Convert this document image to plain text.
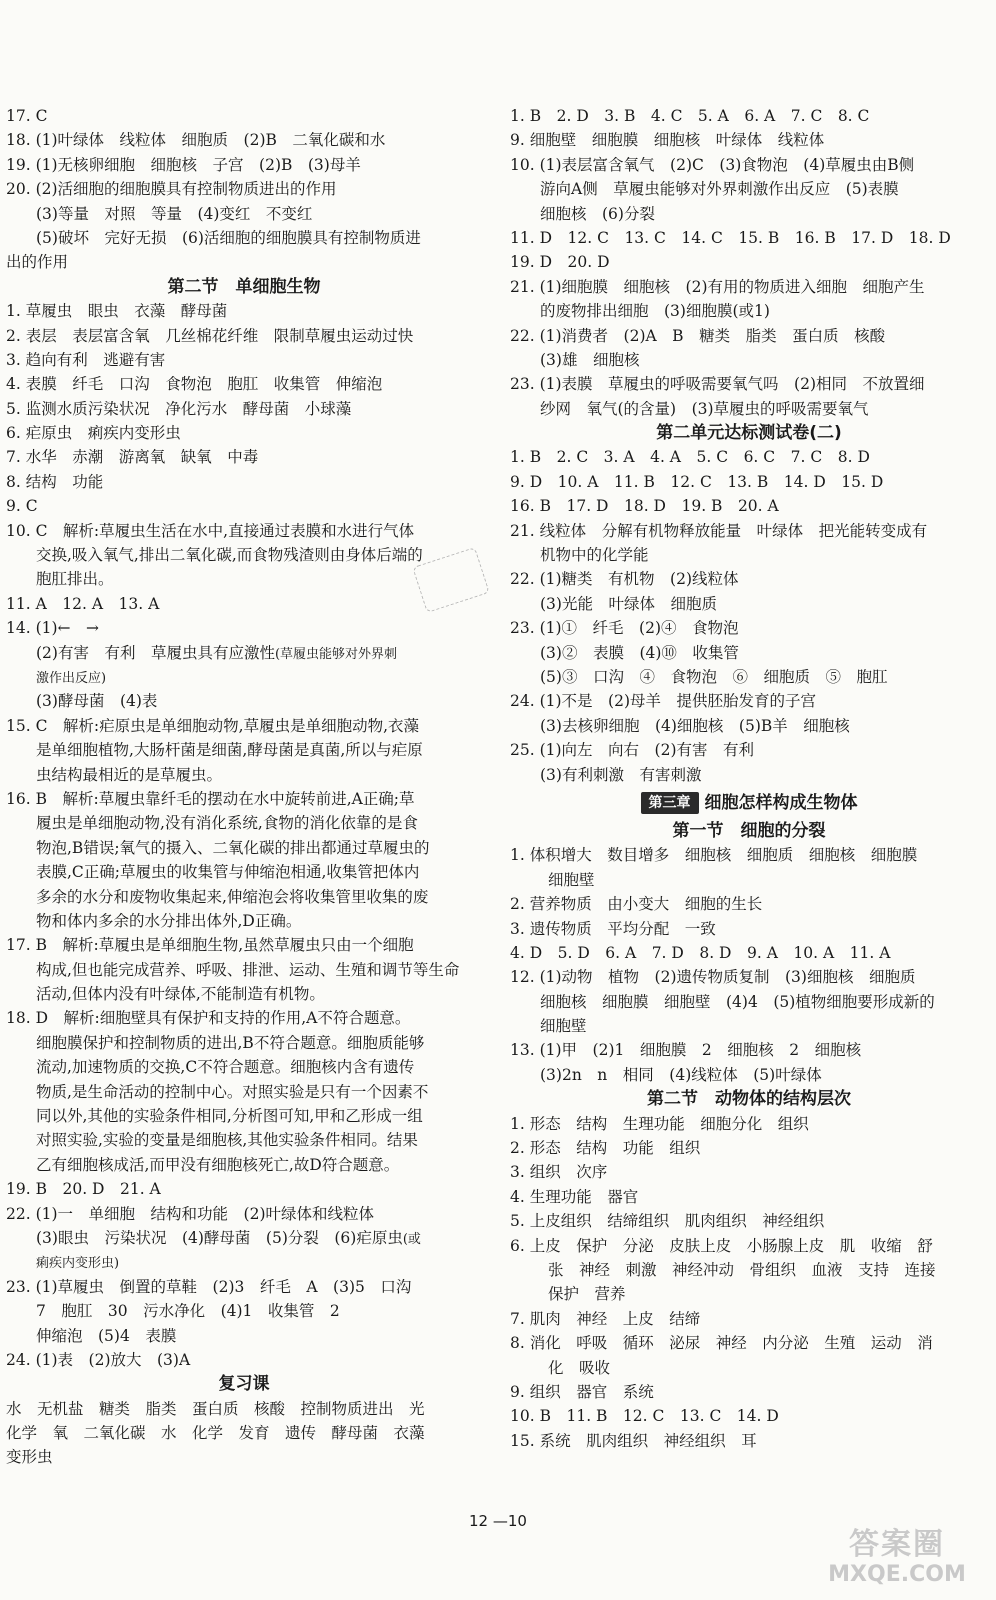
17. C
18. (1)叶绿体　线粒体　细胞质　(2)B　二氧化碳和水
19. (1)无核卵细胞　细胞核　子宫　(2)B　(3)母羊
20. (2)活细胞的细胞膜具有控制物质进出的作用
(3)等量　对照　等量　(4)变红　不变红
(5)破坏　完好无损　(6)活细胞的细胞膜具有控制物质进
出的作用
第二节　单细胞生物
1. 草履虫　眼虫　衣藻　酵母菌
2. 表层　表层富含氧　几丝棉花纤维　限制草履虫运动过快
3. 趋向有利　逃避有害
4. 表膜　纤毛　口沟　食物泡　胞肛　收集管　伸缩泡
5. 监测水质污染状况　净化污水　酵母菌　小球藻
6. 疟原虫　痢疾内变形虫
7. 水华　赤潮　游离氧　缺氧　中毒
8. 结构　功能
9. C
10. C　解析:草履虫生活在水中,直接通过表膜和水进行气体
交换,吸入氧气,排出二氧化碳,而食物残渣则由身体后端的
胞肛排出。
11. A　12. A　13. A
14. (1)←　→
(2)有害　有利　草履虫具有应激性(草履虫能够对外界刺
激作出反应)
(3)酵母菌　(4)表
15. C　解析:疟原虫是单细胞动物,草履虫是单细胞动物,衣藻
是单细胞植物,大肠杆菌是细菌,酵母菌是真菌,所以与疟原
虫结构最相近的是草履虫。
16. B　解析:草履虫靠纤毛的摆动在水中旋转前进,A正确;草
履虫是单细胞动物,没有消化系统,食物的消化依靠的是食
物泡,B错误;氧气的摄入、二氧化碳的排出都通过草履虫的
表膜,C正确;草履虫的收集管与伸缩泡相通,收集管把体内
多余的水分和废物收集起来,伸缩泡会将收集管里收集的废
物和体内多余的水分排出体外,D正确。
17. B　解析:草履虫是单细胞生物,虽然草履虫只由一个细胞
构成,但也能完成营养、呼吸、排泄、运动、生殖和调节等生命
活动,但体内没有叶绿体,不能制造有机物。
18. D　解析:细胞壁具有保护和支持的作用,A不符合题意。
细胞膜保护和控制物质的进出,B不符合题意。细胞质能够
流动,加速物质的交换,C不符合题意。细胞核内含有遗传
物质,是生命活动的控制中心。对照实验是只有一个因素不
同以外,其他的实验条件相同,分析图可知,甲和乙形成一组
对照实验,实验的变量是细胞核,其他实验条件相同。结果
乙有细胞核成活,而甲没有细胞核死亡,故D符合题意。
19. B　20. D　21. A
22. (1)一　单细胞　结构和功能　(2)叶绿体和线粒体
(3)眼虫　污染状况　(4)酵母菌　(5)分裂　(6)疟原虫(或
痢疾内变形虫)
23. (1)草履虫　倒置的草鞋　(2)3　纤毛　A　(3)5　口沟
7　胞肛　30　污水净化　(4)1　收集管　2
伸缩泡　(5)4　表膜
24. (1)表　(2)放大　(3)A
复习课
水　无机盐　糖类　脂类　蛋白质　核酸　控制物质进出　光
化学　氧　二氧化碳　水　化学　发育　遗传　酵母菌　衣藻
变形虫
1. B　2. D　3. B　4. C　5. A　6. A　7. C　8. C
9. 细胞壁　细胞膜　细胞核　叶绿体　线粒体
10. (1)表层富含氧气　(2)C　(3)食物泡　(4)草履虫由B侧
游向A侧　草履虫能够对外界刺激作出反应　(5)表膜
细胞核　(6)分裂
11. D　12. C　13. C　14. C　15. B　16. B　17. D　18. D
19. D　20. D
21. (1)细胞膜　细胞核　(2)有用的物质进入细胞　细胞产生
的废物排出细胞　(3)细胞膜(或1)
22. (1)消费者　(2)A　B　糖类　脂类　蛋白质　核酸
(3)雄　细胞核
23. (1)表膜　草履虫的呼吸需要氧气吗　(2)相同　不放置细
纱网　氧气(的含量)　(3)草履虫的呼吸需要氧气
第二单元达标测试卷(二)
1. B　2. C　3. A　4. A　5. C　6. C　7. C　8. D
9. D　10. A　11. B　12. C　13. B　14. D　15. D
16. B　17. D　18. D　19. B　20. A
21. 线粒体　分解有机物释放能量　叶绿体　把光能转变成有
机物中的化学能
22. (1)糖类　有机物　(2)线粒体
(3)光能　叶绿体　细胞质
23. (1)①　纤毛　(2)④　食物泡
(3)②　表膜　(4)⑩　收集管
(5)③　口沟　④　食物泡　⑥　细胞质　⑤　胞肛
24. (1)不是　(2)母羊　提供胚胎发育的子宫
(3)去核卵细胞　(4)细胞核　(5)B羊　细胞核
25. (1)向左　向右　(2)有害　有利
(3)有利刺激　有害刺激
第三章 细胞怎样构成生物体
第一节　细胞的分裂
1. 体积增大　数目增多　细胞核　细胞质　细胞核　细胞膜
细胞壁
2. 营养物质　由小变大　细胞的生长
3. 遗传物质　平均分配　一致
4. D　5. D　6. A　7. D　8. D　9. A　10. A　11. A
12. (1)动物　植物　(2)遗传物质复制　(3)细胞核　细胞质
细胞核　细胞膜　细胞壁　(4)4　(5)植物细胞要形成新的
细胞壁
13. (1)甲　(2)1　细胞膜　2　细胞核　2　细胞核
(3)2n　n　相同　(4)线粒体　(5)叶绿体
第二节　动物体的结构层次
1. 形态　结构　生理功能　细胞分化　组织
2. 形态　结构　功能　组织
3. 组织　次序
4. 生理功能　器官
5. 上皮组织　结缔组织　肌肉组织　神经组织
6. 上皮　保护　分泌　皮肤上皮　小肠腺上皮　肌　收缩　舒
张　神经　刺激　神经冲动　骨组织　血液　支持　连接
保护　营养
7. 肌肉　神经　上皮　结缔
8. 消化　呼吸　循环　泌尿　神经　内分泌　生殖　运动　消
化　吸收
9. 组织　器官　系统
10. B　11. B　12. C　13. C　14. D
15. 系统　肌肉组织　神经组织　耳
12 —10
答案圈
MXQE.COM
